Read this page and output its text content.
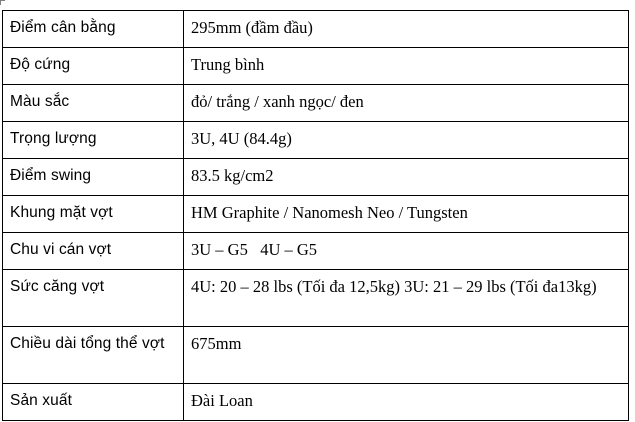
Điểm cân bằng	295mm (đầm đầu)
Độ cứng	Trung bình
Màu sắc	đỏ/ trắng / xanh ngọc/ đen
Trọng lượng	3U, 4U (84.4g)
Điểm swing	83.5 kg/cm2
Khung mặt vợt	HM Graphite / Nanomesh Neo / Tungsten
Chu vi cán vợt	3U – G5   4U – G5
Sức căng vợt	4U: 20 – 28 lbs (Tối đa 12,5kg) 3U: 21 – 29 lbs (Tối đa13kg)
Chiều dài tổng thể vợt	675mm
Sản xuất	Đài Loan
